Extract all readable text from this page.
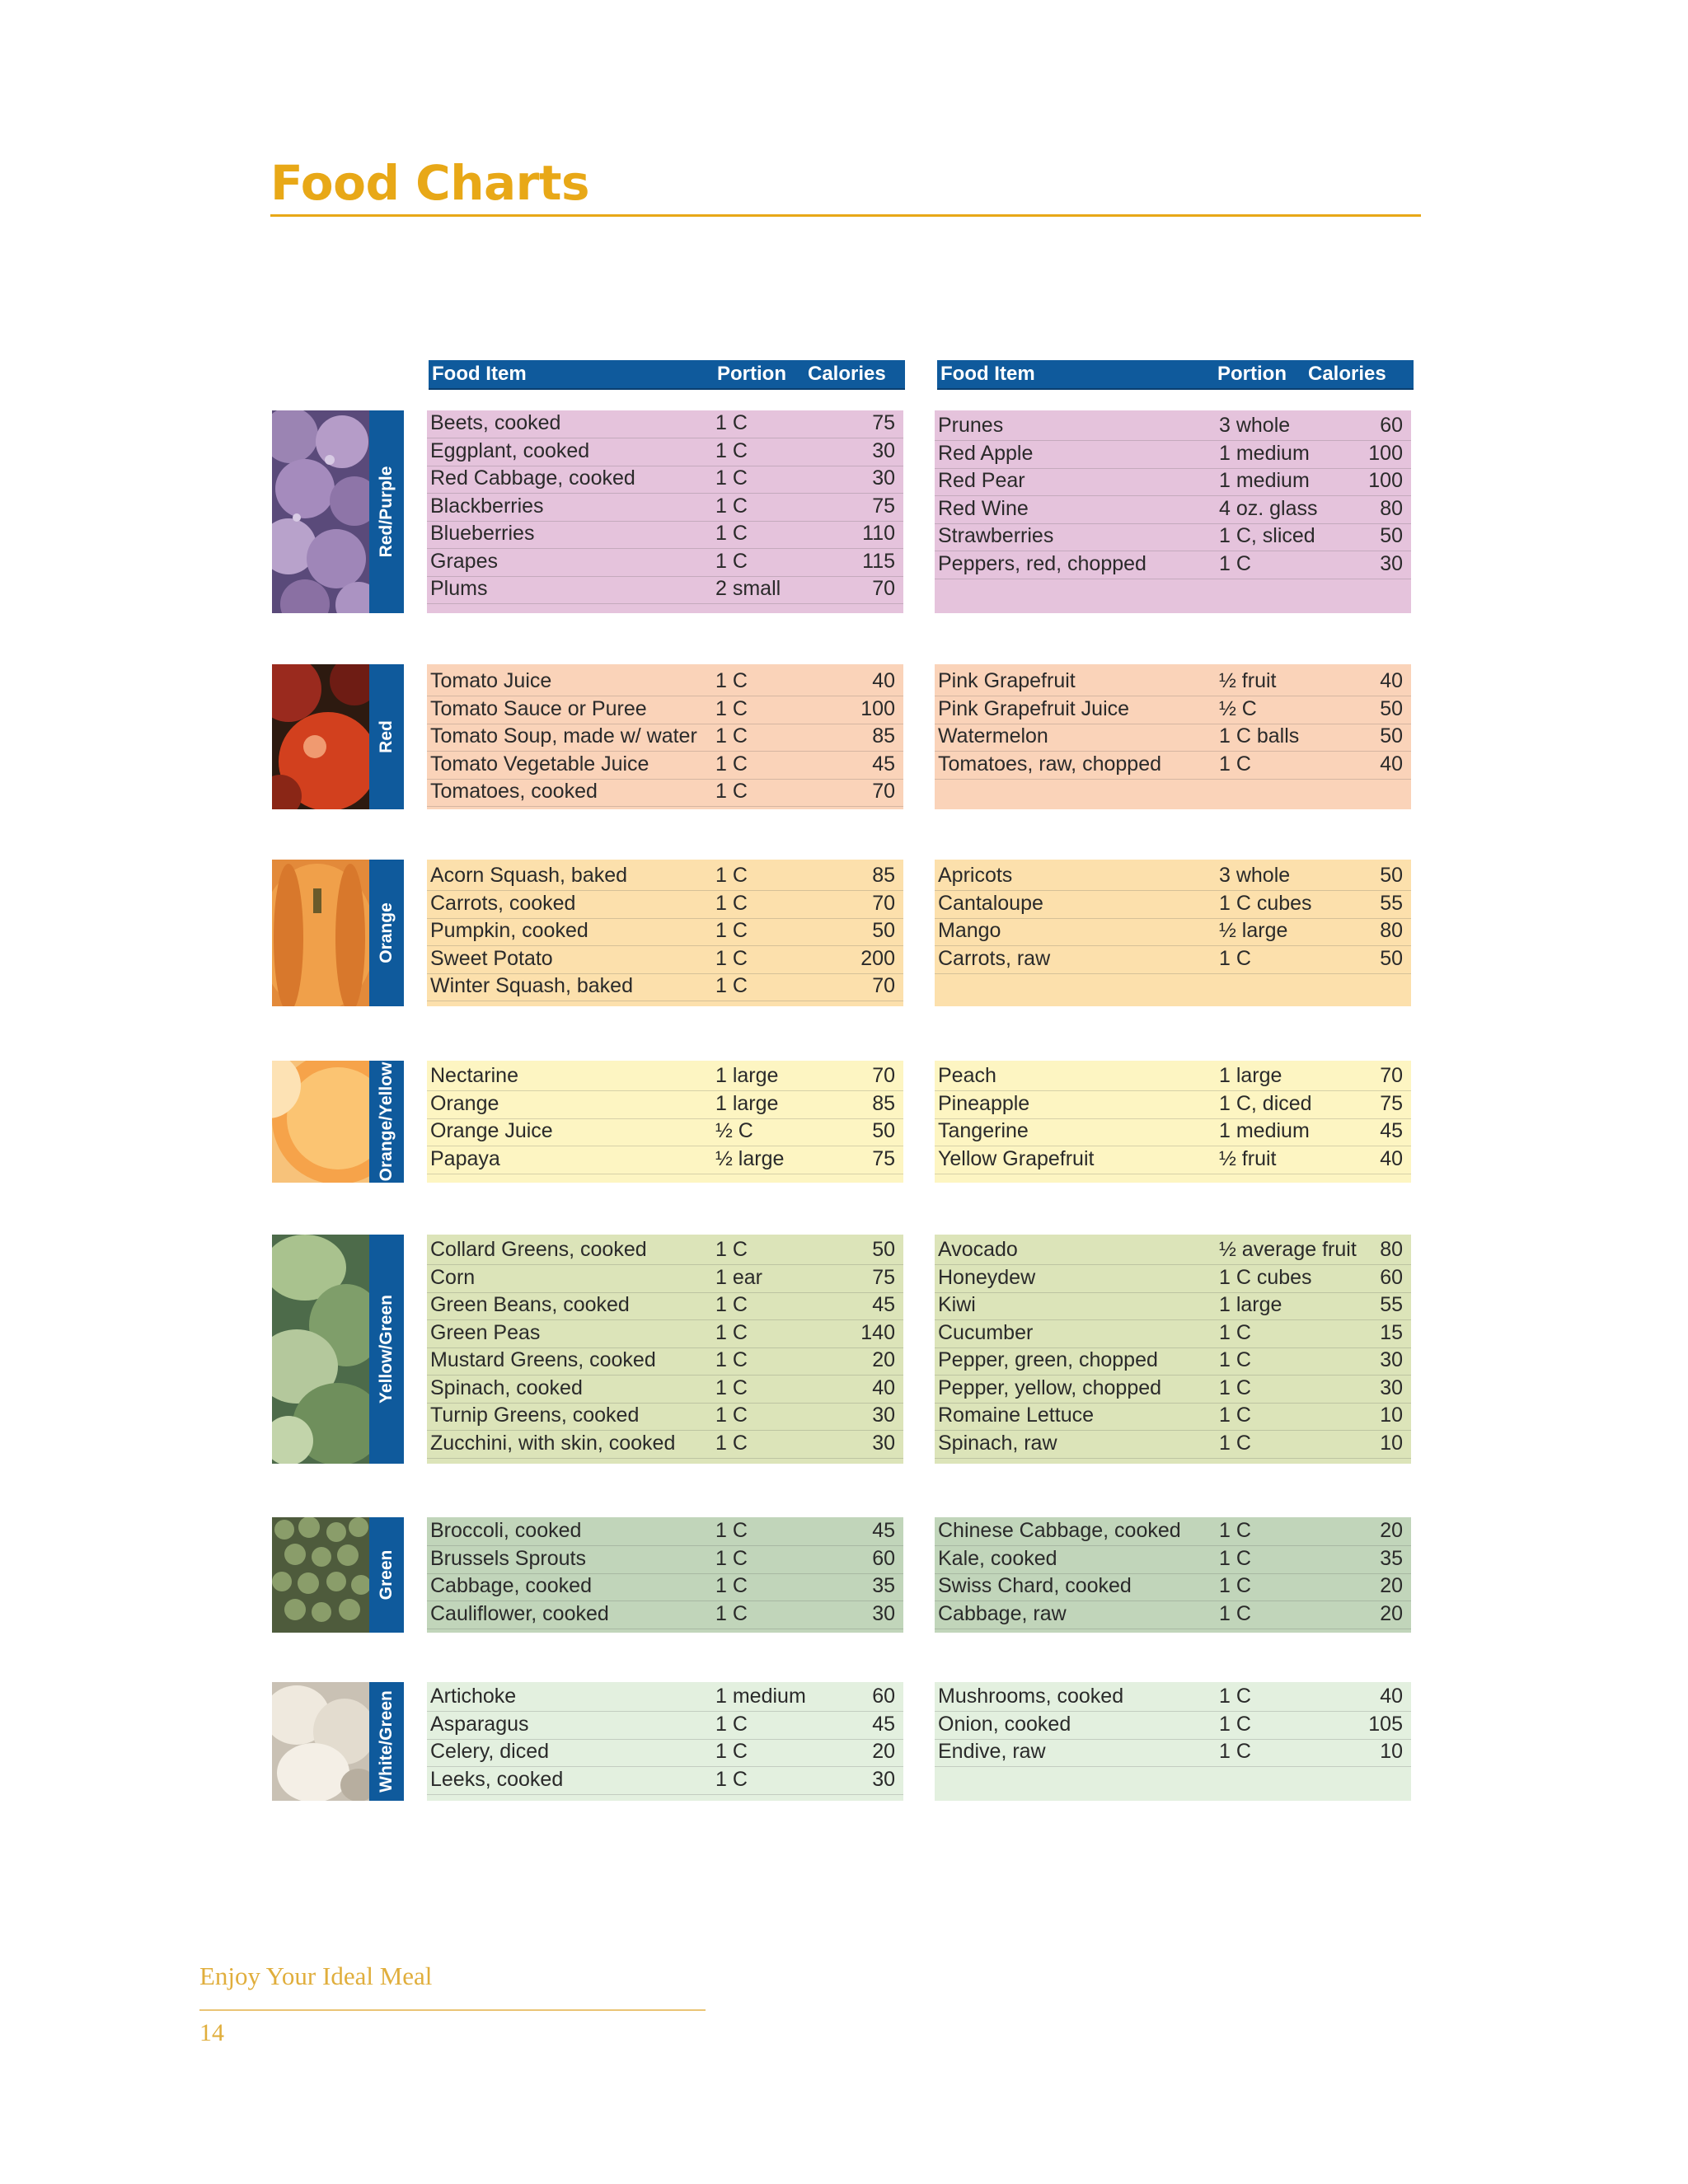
Food Charts
Food Item	Portion Calories	Food Item	Portion Calories
Red/Purple
Beets, cooked	1 C	75
Eggplant, cooked	1 C	30
Red Cabbage, cooked	1 C	30
Blackberries	1 C	75
Blueberries	1 C	110
Grapes	1 C	115
Plums	2 small	70
Prunes	3 whole	60
Red Apple	1 medium	100
Red Pear	1 medium	100
Red Wine	4 oz. glass	80
Strawberries	1 C, sliced	50
Peppers, red, chopped	1 C	30
Red
Tomato Juice	1 C	40
Tomato Sauce or Puree	1 C	100
Tomato Soup, made w/ water 1 C	85
Tomato Vegetable Juice	1 C	45
Tomatoes, cooked	1 C	70
Pink Grapefruit	½ fruit	40
Pink Grapefruit Juice	½ C	50
Watermelon	1 C balls	50
Tomatoes, raw, chopped	1 C	40
Orange
Acorn Squash, baked	1 C	85
Carrots, cooked	1 C	70
Pumpkin, cooked	1 C	50
Sweet Potato	1 C	200
Winter Squash, baked	1 C	70
Apricots	3 whole	50
Cantaloupe	1 C cubes	55
Mango	½ large	80
Carrots, raw	1 C	50
Orange/Yellow Nectarine	1 large	70
Orange	1 large	85
Orange Juice	½ C	50
Papaya	½ large	75
Peach	1 large	70
Pineapple	1 C, diced	75
Tangerine	1 medium	45
Yellow Grapefruit	½ fruit	40
Yellow/Green
Collard Greens, cooked	1 C	50
Corn	1 ear	75
Green Beans, cooked	1 C	45
Green Peas	1 C	140
Mustard Greens, cooked	1 C	20
Spinach, cooked	1 C	40
Turnip Greens, cooked	1 C	30
Zucchini, with skin, cooked 1 C	30
Avocado	½ average fruit 80
Honeydew	1 C cubes	60
Kiwi	1 large	55
Cucumber	1 C	15
Pepper, green, chopped	1 C	30
Pepper, yellow, chopped	1 C	30
Romaine Lettuce	1 C	10
Spinach, raw	1 C	10
Green
Broccoli, cooked	1 C	45
Brussels Sprouts	1 C	60
Cabbage, cooked	1 C	35
Cauliflower, cooked	1 C	30
Chinese Cabbage, cooked 1 C	20
Kale, cooked	1 C	35
Swiss Chard, cooked	1 C	20
Cabbage, raw	1 C	20
White/Green Artichoke	1 medium	60
Asparagus	1 C	45
Celery, diced	1 C	20
Leeks, cooked	1 C	30
Mushrooms, cooked	1 C	40
Onion, cooked	1 C	105
Endive, raw	1 C	10
Enjoy Your Ideal Meal
14
